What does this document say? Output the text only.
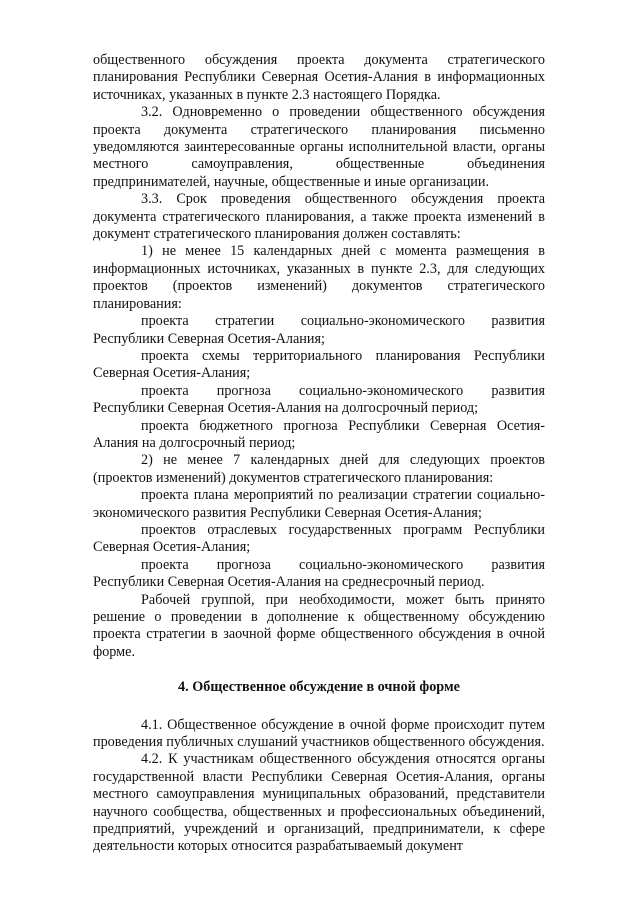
общественного обсуждения проекта документа стратегического планирования Республики Северная Осетия-Алания в информационных источниках, указанных в пункте 2.3 настоящего Порядка.

3.2. Одновременно о проведении общественного обсуждения проекта документа стратегического планирования письменно уведомляются заинтересованные органы исполнительной власти, органы местного самоуправления, общественные объединения предпринимателей, научные, общественные и иные организации.

3.3. Срок проведения общественного обсуждения проекта документа стратегического планирования, а также проекта изменений в документ стратегического планирования должен составлять:

1) не менее 15 календарных дней с момента размещения в информационных источниках, указанных в пункте 2.3, для следующих проектов (проектов изменений) документов стратегического планирования:

проекта стратегии социально-экономического развития Республики Северная Осетия-Алания;

проекта схемы территориального планирования Республики Северная Осетия-Алания;

проекта прогноза социально-экономического развития Республики Северная Осетия-Алания на долгосрочный период;

проекта бюджетного прогноза Республики Северная Осетия-Алания на долгосрочный период;

2) не менее 7 календарных дней для следующих проектов (проектов изменений) документов стратегического планирования:

проекта плана мероприятий по реализации стратегии социально-экономического развития Республики Северная Осетия-Алания;

проектов отраслевых государственных программ Республики Северная Осетия-Алания;

проекта прогноза социально-экономического развития Республики Северная Осетия-Алания на среднесрочный период.

Рабочей группой, при необходимости, может быть принято решение о проведении в дополнение к общественному обсуждению проекта стратегии в заочной форме общественного обсуждения в очной форме.

4. Общественное обсуждение в очной форме

4.1. Общественное обсуждение в очной форме происходит путем проведения публичных слушаний участников общественного обсуждения.

4.2. К участникам общественного обсуждения относятся органы государственной власти Республики Северная Осетия-Алания, органы местного самоуправления муниципальных образований, представители научного сообщества, общественных и профессиональных объединений, предприятий, учреждений и организаций, предприниматели, к сфере деятельности которых относится разрабатываемый документ
